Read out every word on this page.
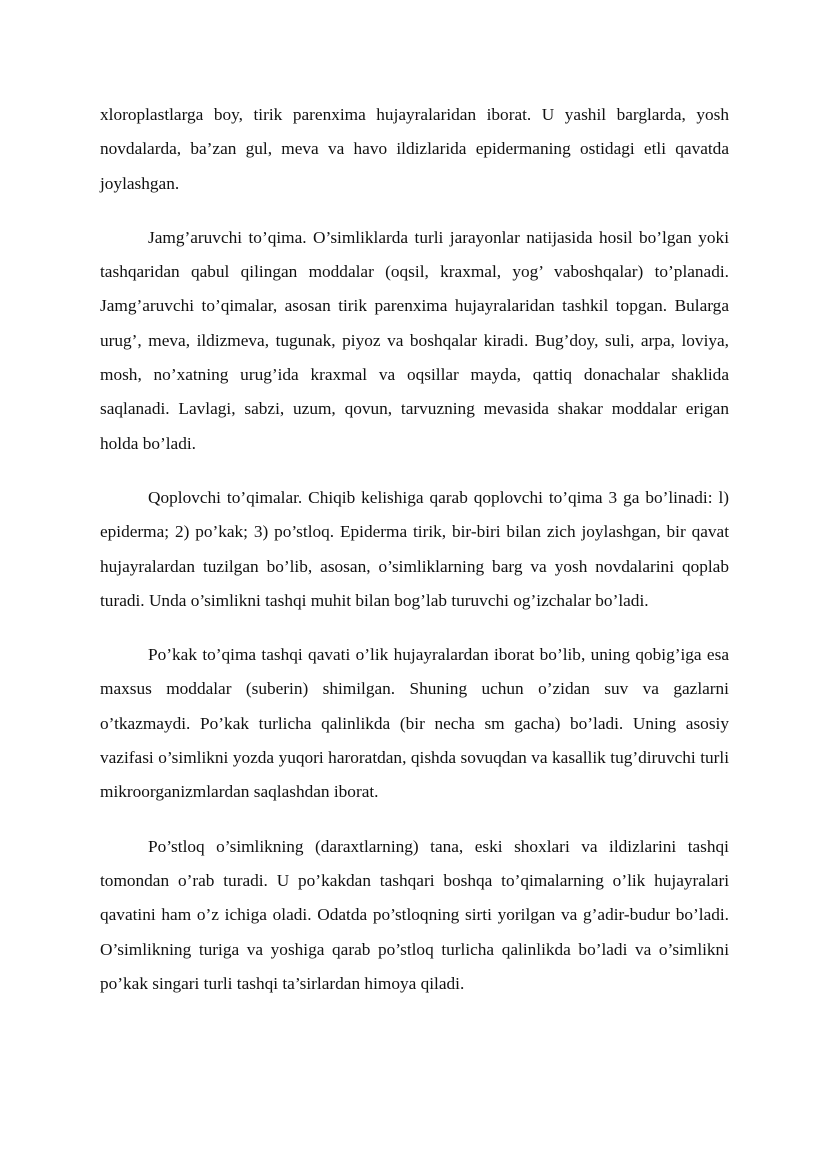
xloroplastlarga boy, tirik parenxima hujayralaridan iborat. U yashil barglarda, yosh novdalarda, ba’zan gul, meva va havo ildizlarida epidermaning ostidagi etli qavatda joylashgan.

Jamg’aruvchi to’qima. O’simliklarda turli jarayonlar natijasida hosil bo’lgan yoki tashqaridan qabul qilingan moddalar (oqsil, kraxmal, yog’ vaboshqalar) to’planadi. Jamg’aruvchi to’qimalar, asosan tirik parenxima hujayralaridan tashkil topgan. Bularga urug’, meva, ildizmeva, tugunak, piyoz va boshqalar kiradi. Bug’doy, suli, arpa, loviya, mosh, no’xatning urug’ida kraxmal va oqsillar mayda, qattiq donachalar shaklida saqlanadi. Lavlagi, sabzi, uzum, qovun, tarvuzning mevasida shakar moddalar erigan holda bo’ladi.

Qoplovchi to’qimalar. Chiqib kelishiga qarab qoplovchi to’qima 3 ga bo’linadi: l) epiderma; 2) po’kak; 3) po’stloq. Epiderma tirik, bir-biri bilan zich joylashgan, bir qavat hujayralardan tuzilgan bo’lib, asosan, o’simliklarning barg va yosh novdalarini qoplab turadi. Unda o’simlikni tashqi muhit bilan bog’lab turuvchi og’izchalar bo’ladi.

Po’kak to’qima tashqi qavati o’lik hujayralardan iborat bo’lib, uning qobig’iga esa maxsus moddalar (suberin) shimilgan. Shuning uchun o’zidan suv va gazlarni o’tkazmaydi. Po’kak turlicha qalinlikda (bir necha sm gacha) bo’ladi. Uning asosiy vazifasi o’simlikni yozda yuqori haroratdan, qishda sovuqdan va kasallik tug’diruvchi turli mikroorganizmlardan saqlashdan iborat.

Po’stloq o’simlikning (daraxtlarning) tana, eski shoxlari va ildizlarini tashqi tomondan o’rab turadi. U po’kakdan tashqari boshqa to’qimalarning o’lik hujayralari qavatini ham o’z ichiga oladi. Odatda po’stloqning sirti yorilgan va g’adir-budur bo’ladi. O’simlikning turiga va yoshiga qarab po’stloq turlicha qalinlikda bo’ladi va o’simlikni po’kak singari turli tashqi ta’sirlardan himoya qiladi.
